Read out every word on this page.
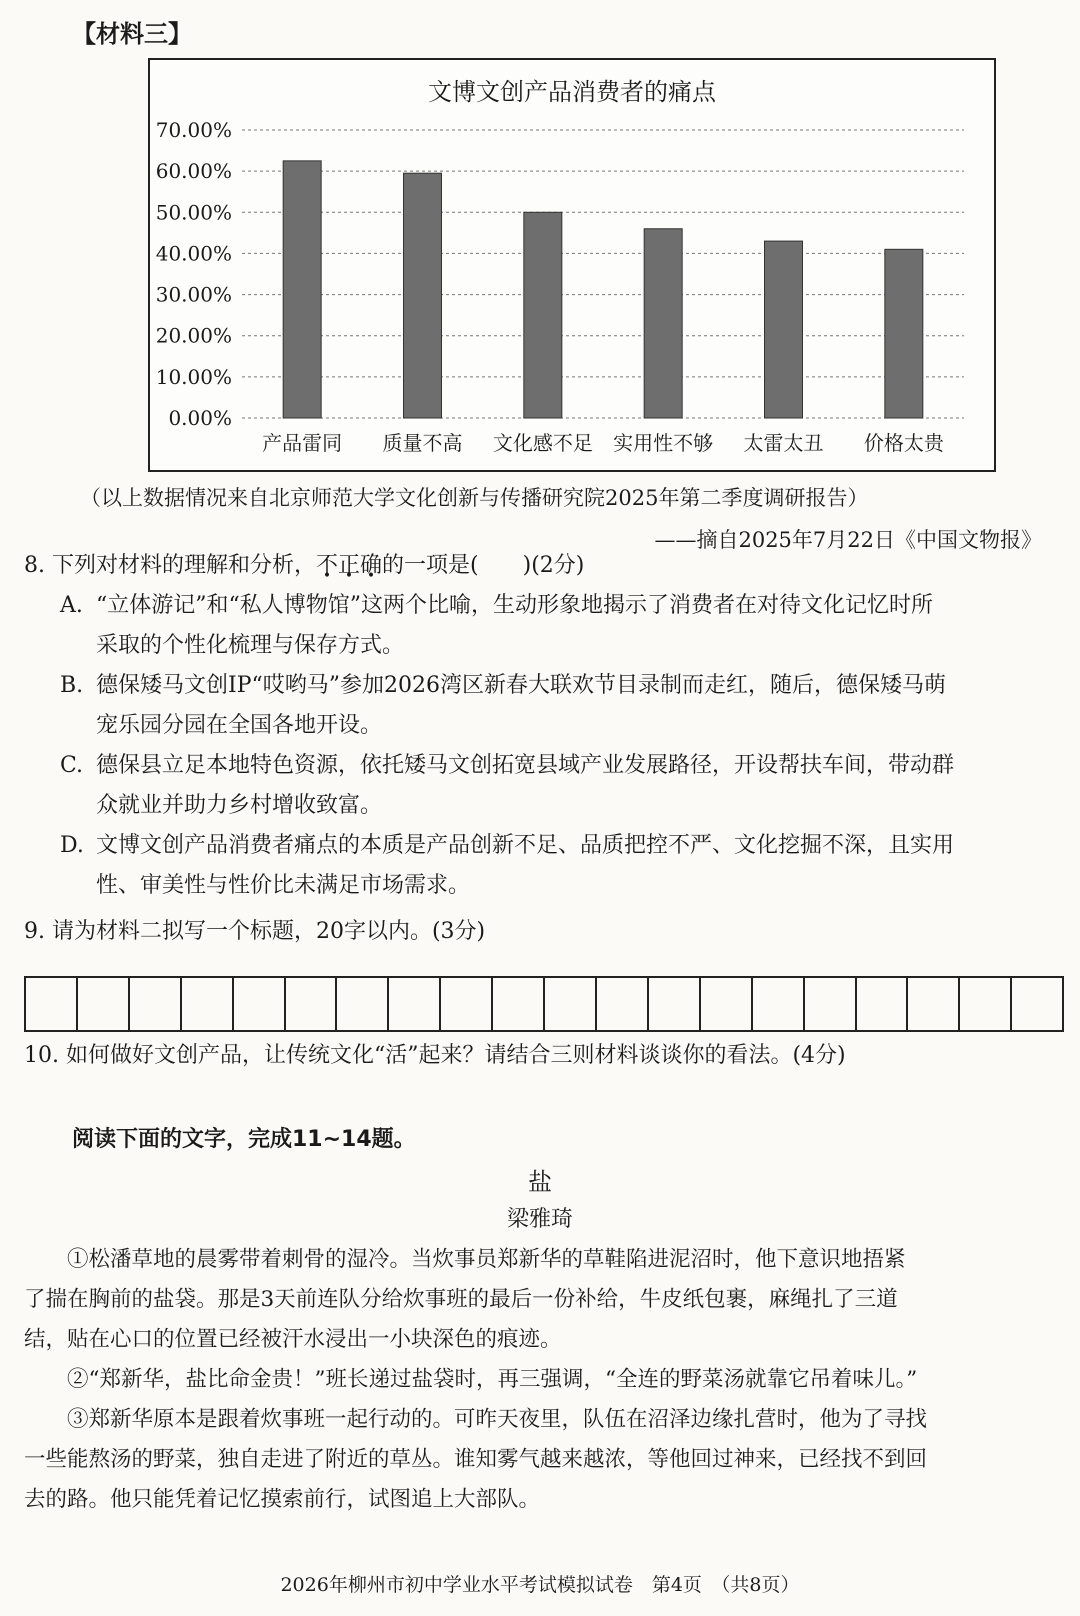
【材料三】
文博文创产品消费者的痛点
0.00%
10.00%
20.00%
30.00%
40.00%
50.00%
60.00%
70.00%
产品雷同 质量不高 文化感不足 实用性不够 太雷太丑 价格太贵
（以上数据情况来自北京师范大学文化创新与传播研究院2025年第二季度调研报告）
——摘自2025年7月22日《中国文物报》
8. 下列对材料的理解和分析，不正确的一项是(　　)(2分)
A. “立体游记”和“私人博物馆”这两个比喻，生动形象地揭示了消费者在对待文化记忆时所
采取的个性化梳理与保存方式。
B. 德保矮马文创IP“哎哟马”参加2026湾区新春大联欢节目录制而走红，随后，德保矮马萌
宠乐园分园在全国各地开设。
C. 德保县立足本地特色资源，依托矮马文创拓宽县域产业发展路径，开设帮扶车间，带动群
众就业并助力乡村增收致富。
D. 文博文创产品消费者痛点的本质是产品创新不足、品质把控不严、文化挖掘不深，且实用
性、审美性与性价比未满足市场需求。
9. 请为材料二拟写一个标题，20字以内。(3分)
10. 如何做好文创产品，让传统文化“活”起来？请结合三则材料谈谈你的看法。(4分)
阅读下面的文字，完成11~14题。
盐
梁雅琦

①松潘草地的晨雾带着刺骨的湿冷。当炊事员郑新华的草鞋陷进泥沼时，他下意识地捂紧

了揣在胸前的盐袋。那是3天前连队分给炊事班的最后一份补给，牛皮纸包裹，麻绳扎了三道
结，贴在心口的位置已经被汗水浸出一小块深色的痕迹。

②“郑新华，盐比命金贵！”班长递过盐袋时，再三强调，“全连的野菜汤就靠它吊着味儿。”

③郑新华原本是跟着炊事班一起行动的。可昨天夜里，队伍在沼泽边缘扎营时，他为了寻找

一些能熬汤的野菜，独自走进了附近的草丛。谁知雾气越来越浓，等他回过神来，已经找不到回
去的路。他只能凭着记忆摸索前行，试图追上大部队。
2026年柳州市初中学业水平考试模拟试卷　第4页　（共8页）
